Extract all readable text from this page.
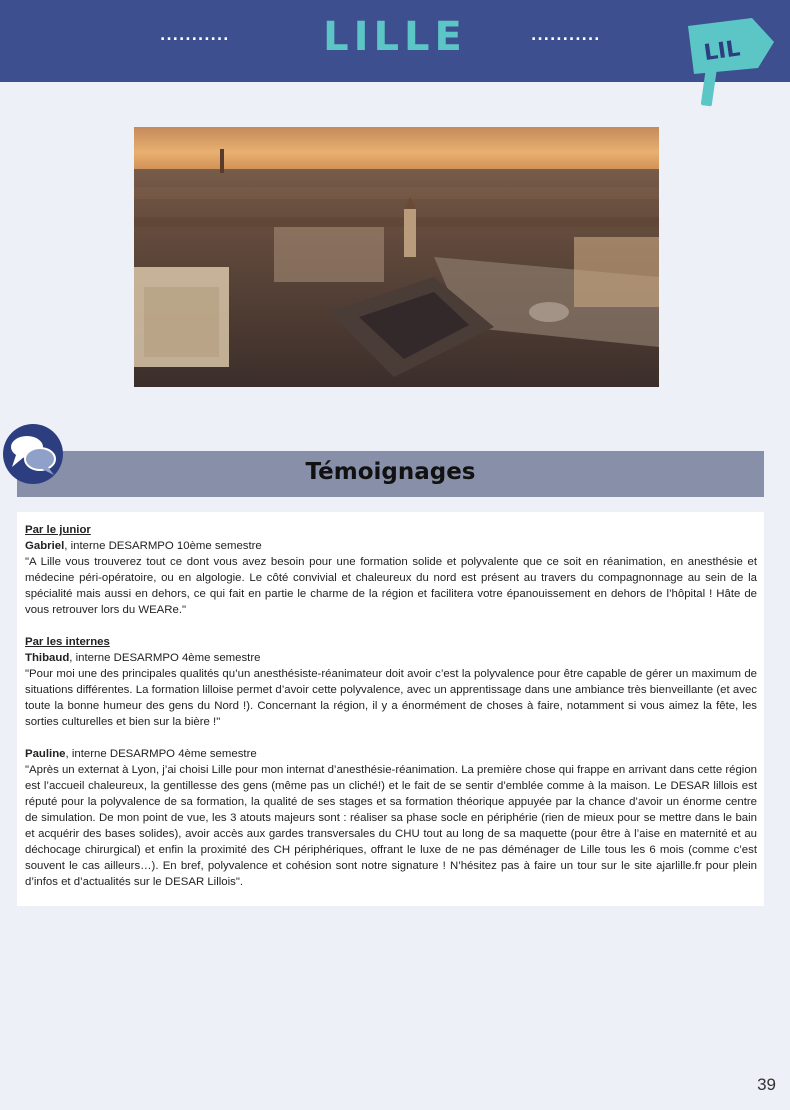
...........	LILLE	...........
LIL
Témoignages

Par le junior

Gabriel, interne DESARMPO 10ème semestre

"A Lille vous trouverez tout ce dont vous avez besoin pour une formation solide et polyvalente que ce soit en réanimation, en anesthésie et médecine péri-opératoire, ou en algologie. Le côté convivial et chaleureux du nord est présent au travers du compagnonnage au sein de la spécialité mais aussi en dehors, ce qui fait en partie le charme de la région et facilitera votre épanouissement en dehors de l’hôpital ! Hâte de vous retrouver lors du WEARe."

Par les internes

Thibaud, interne DESARMPO 4ème semestre

"Pour moi une des principales qualités qu’un anesthésiste-réanimateur doit avoir c’est la polyvalence pour être capable de gérer un maximum de situations différentes. La formation lilloise permet d’avoir cette polyvalence, avec un apprentissage dans une ambiance très bienveillante (et avec toute la bonne humeur des gens du Nord !). Concernant la région, il y a énormément de choses à faire, notamment si vous aimez la fête, les sorties culturelles et bien sur la bière !"

Pauline, interne DESARMPO 4ème semestre

"Après un externat à Lyon, j’ai choisi Lille pour mon internat d’anesthésie-réanimation. La première chose qui frappe en arrivant dans cette région est l’accueil chaleureux, la gentillesse des gens (même pas un cliché!) et le fait de se sentir d’emblée comme à la maison. Le DESAR lillois est réputé pour la polyvalence de sa formation, la qualité de ses stages et sa formation théorique appuyée par la chance d’avoir un énorme centre de simulation. De mon point de vue, les 3 atouts majeurs sont : réaliser sa phase socle en périphérie (rien de mieux pour se mettre dans le bain et acquérir des bases solides), avoir accès aux gardes transversales du CHU tout au long de sa maquette (pour être à l’aise en maternité et au déchocage chirurgical) et enfin la proximité des CH périphériques, offrant le luxe de ne pas déménager de Lille tous les 6 mois (comme c’est souvent le cas ailleurs…). En bref, polyvalence et cohésion sont notre signature ! N’hésitez pas à faire un tour sur le site ajarlille.fr pour plein d’infos et d’actualités sur le DESAR Lillois".

39
